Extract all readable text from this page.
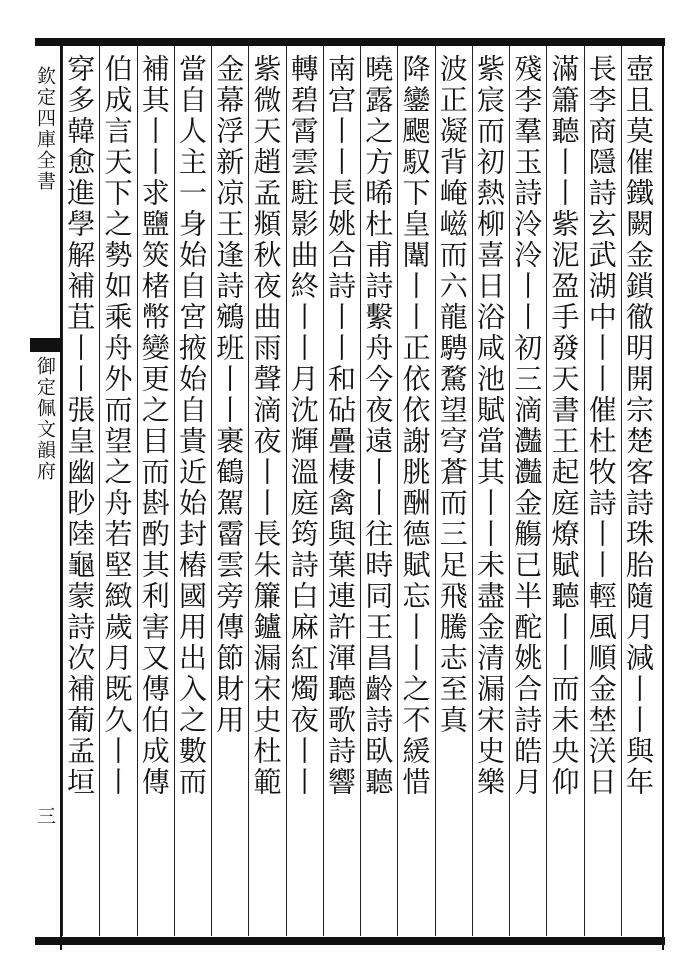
欽定四庫全書
御定佩文韻府
三
壺且莫催鐵闕金鎖徹明開宗楚客詩珠胎隨月減丨丨與年
長李商隱詩玄武湖中丨丨催杜牧詩丨丨輕風順金埜浂日
滿簫聽丨丨紫泥盈手發天書王起庭燎賦聽丨丨而未央仰
殘李羣玉詩泠泠丨丨初三滴灎灎金觴已半酡姚合詩皓月
紫宸而初熱柳喜日浴咸池賦當其丨丨未盡金清漏宋史樂
波正凝背崦嵫而六龍騁騖望穹蒼而三足飛騰志至真
降鑾颸馭下皇闈丨丨正依依謝朓酬德賦忘丨丨之不緩惜
曉露之方晞杜甫詩繫舟今夜遠丨丨往時同王昌齡詩臥聽
南宫丨丨長姚合詩丨丨和砧疊棲禽與葉連許渾聽歌詩響
轉碧霄雲駐影曲終丨丨月沈輝溫庭筠詩白麻紅燭夜丨丨
紫微天趙孟頫秋夜曲雨聲滴夜丨丨長朱簾鑪漏宋史杜範
金幕浮新凉王逢詩鵷班丨丨裹鶴駕霤雲旁傳節財用
當自人主一身始自宮掖始自貴近始封樁國用出入之數而
補其丨丨求鹽筴楮幣變更之目而斟酌其利害又傳伯成傳
伯成言天下之勢如乘舟外而望之舟若堅緻歲月既久丨丨
穿多韓愈進學解補苴丨丨張皇幽眇陸龜蒙詩次補葡孟垣
